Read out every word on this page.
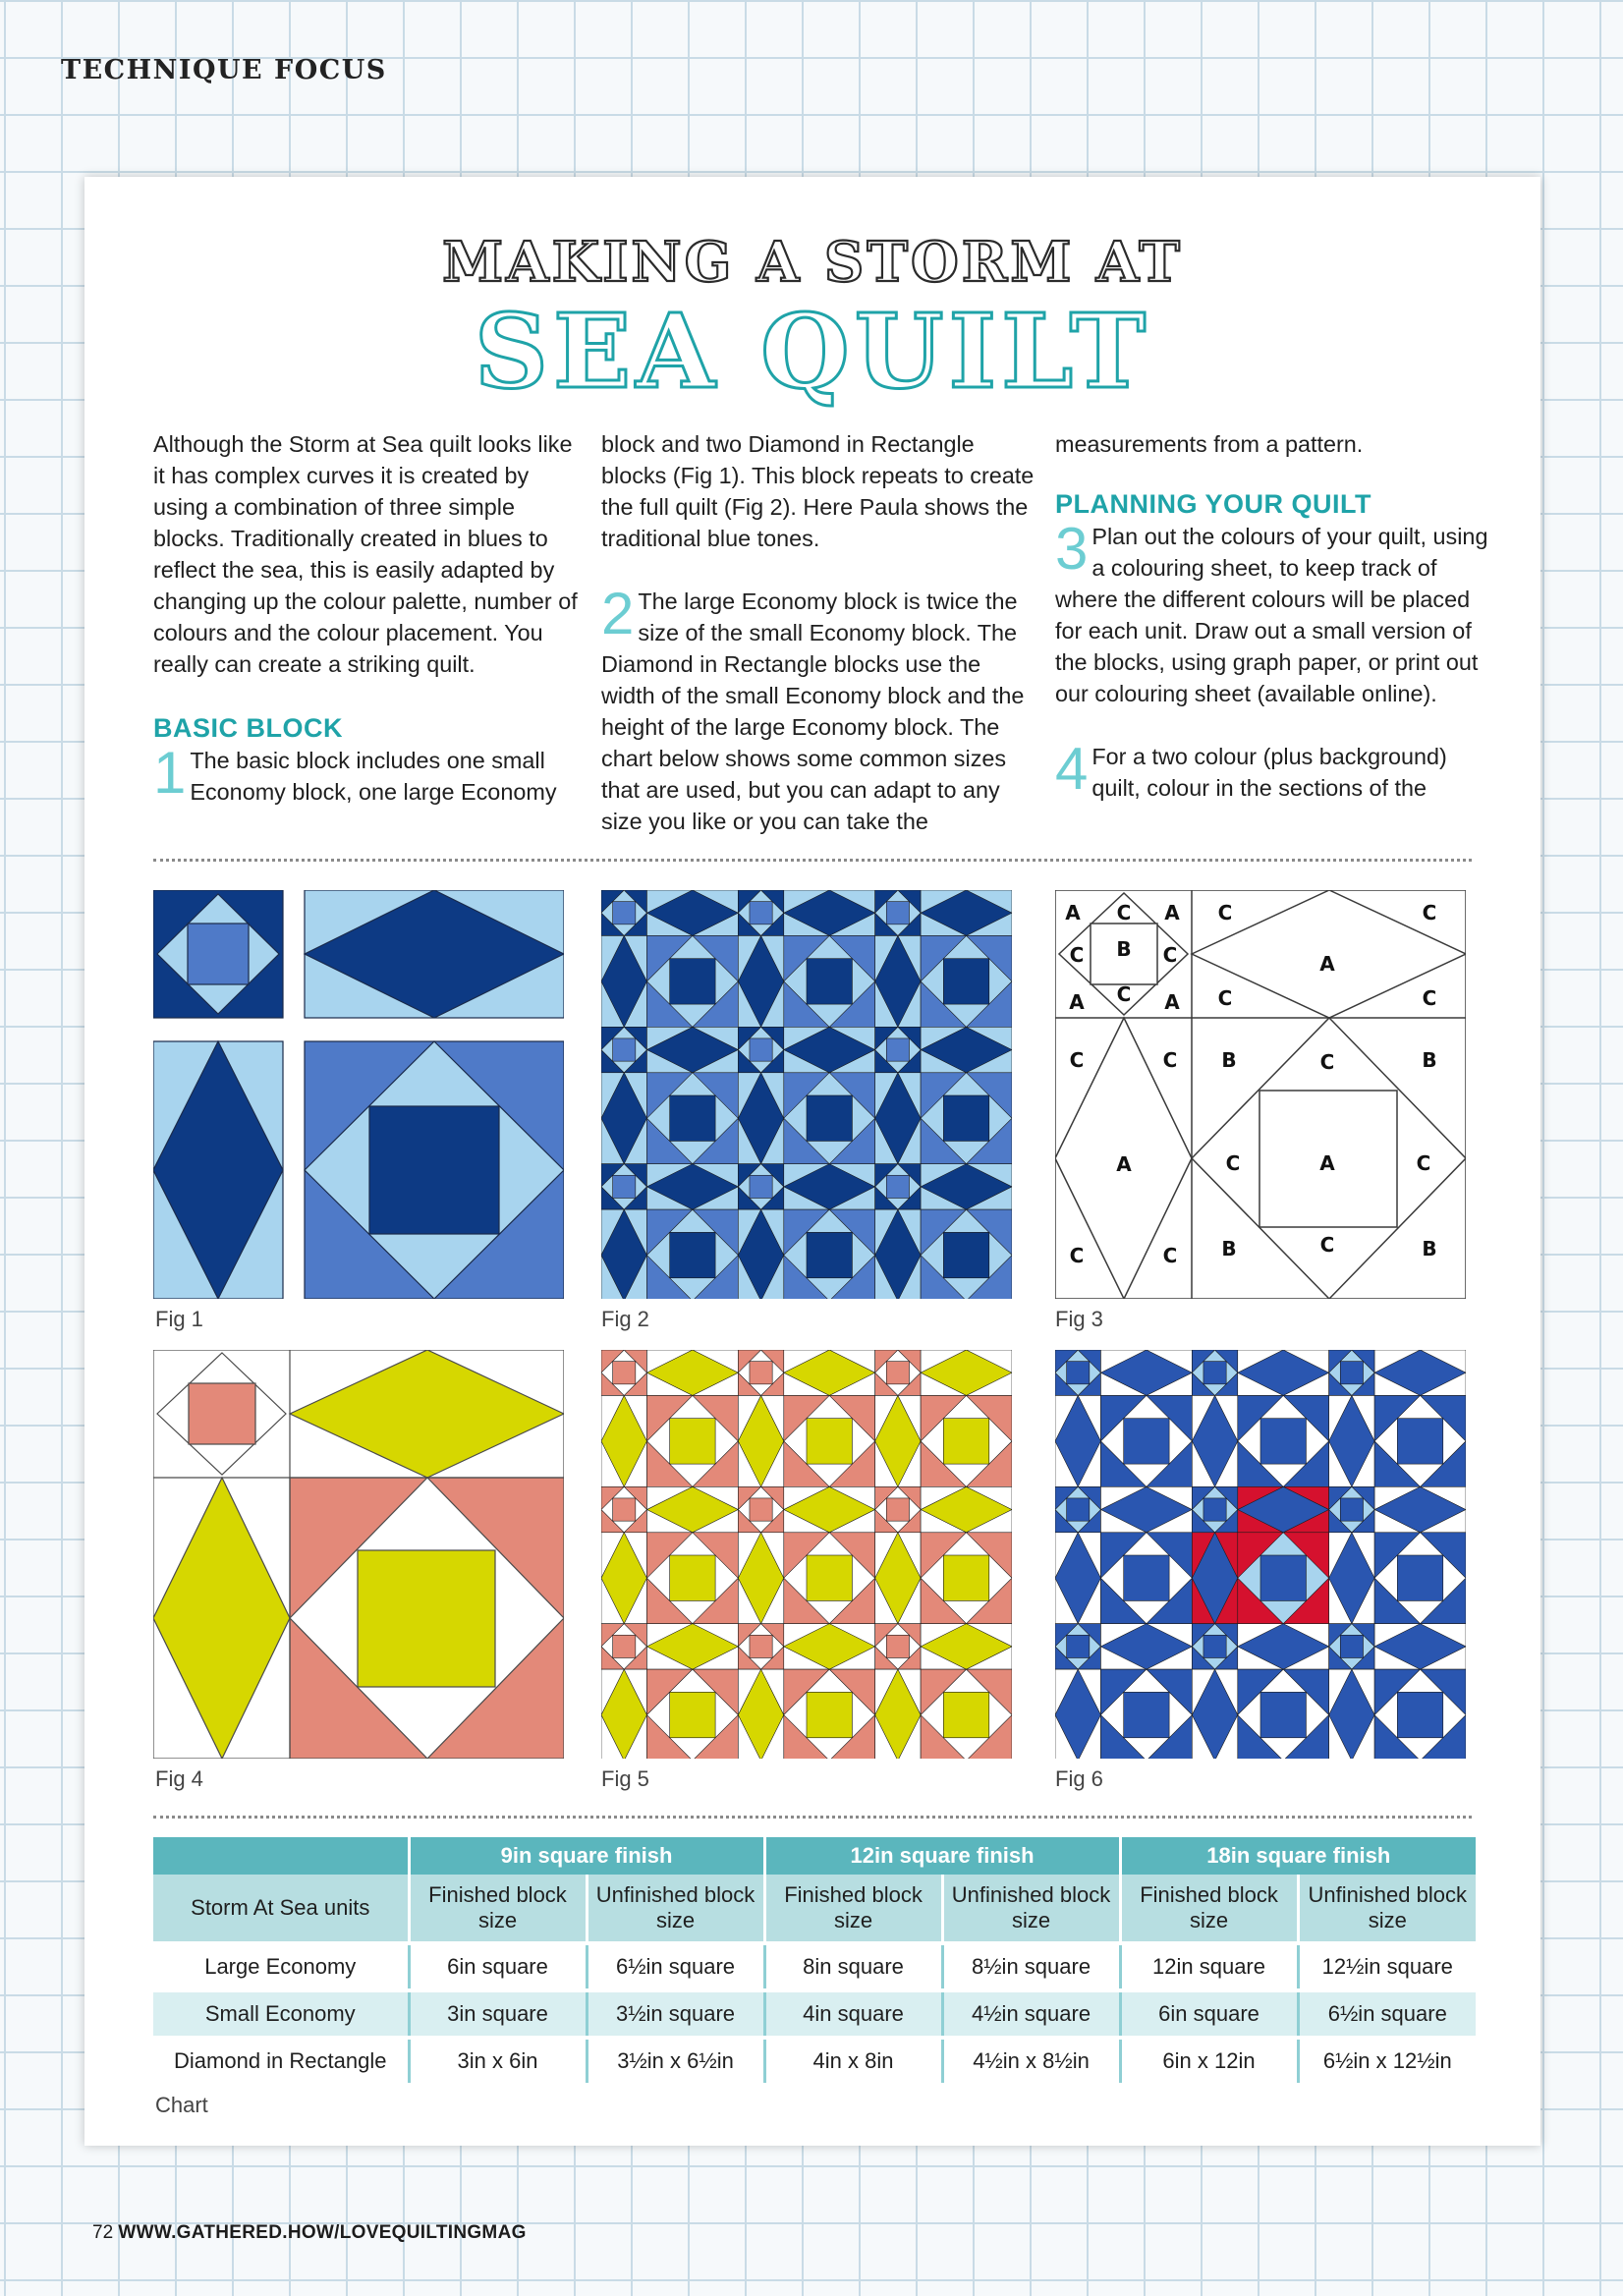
TECHNIQUE FOCUS
MAKING A STORM AT
SEA QUILT

Although the Storm at Sea quilt looks like it has complex curves it is created by using a combination of three simple blocks. Traditionally created in blues to reflect the sea, this is easily adapted by changing up the colour palette, number of colours and the colour placement. You really can create a striking quilt.

BASIC BLOCK

1 The basic block includes one small Economy block, one large Economy

block and two Diamond in Rectangle blocks (Fig 1). This block repeats to create the full quilt (Fig 2). Here Paula shows the traditional blue tones.

2 The large Economy block is twice the size of the small Economy block. The Diamond in Rectangle blocks use the width of the small Economy block and the height of the large Economy block. The chart below shows some common sizes that are used, but you can adapt to any size you like or you can take the

measurements from a pattern.

PLANNING YOUR QUILT

3 Plan out the colours of your quilt, using a colouring sheet, to keep track of where the different colours will be placed for each unit. Draw out a small version of the blocks, using graph paper, or print out our colouring sheet (available online).

4 For a two colour (plus background) quilt, colour in the sections of the

Fig 1	Fig 2
A C A C	C
C B C	A
A C A C	C
C	C B	C	B
A	C	A	C
C	C B	C	B
Fig 3
Fig 4	Fig 5	Fig 6
	9in square finish		12in square finish		18in square finish	
Storm At Sea units	Finished block size	Unfinished block size	Finished block size	Unfinished block size	Finished block size	Unfinished block size
Large Economy	6in square	6½in square	8in square	8½in square	12in square	12½in square
Small Economy	3in square	3½in square	4in square	4½in square	6in square	6½in square
Diamond in Rectangle	3in x 6in	3½in x 6½in	4in x 8in	4½in x 8½in	6in x 12in	6½in x 12½in
Chart
72 WWW.GATHERED.HOW/LOVEQUILTINGMAG
